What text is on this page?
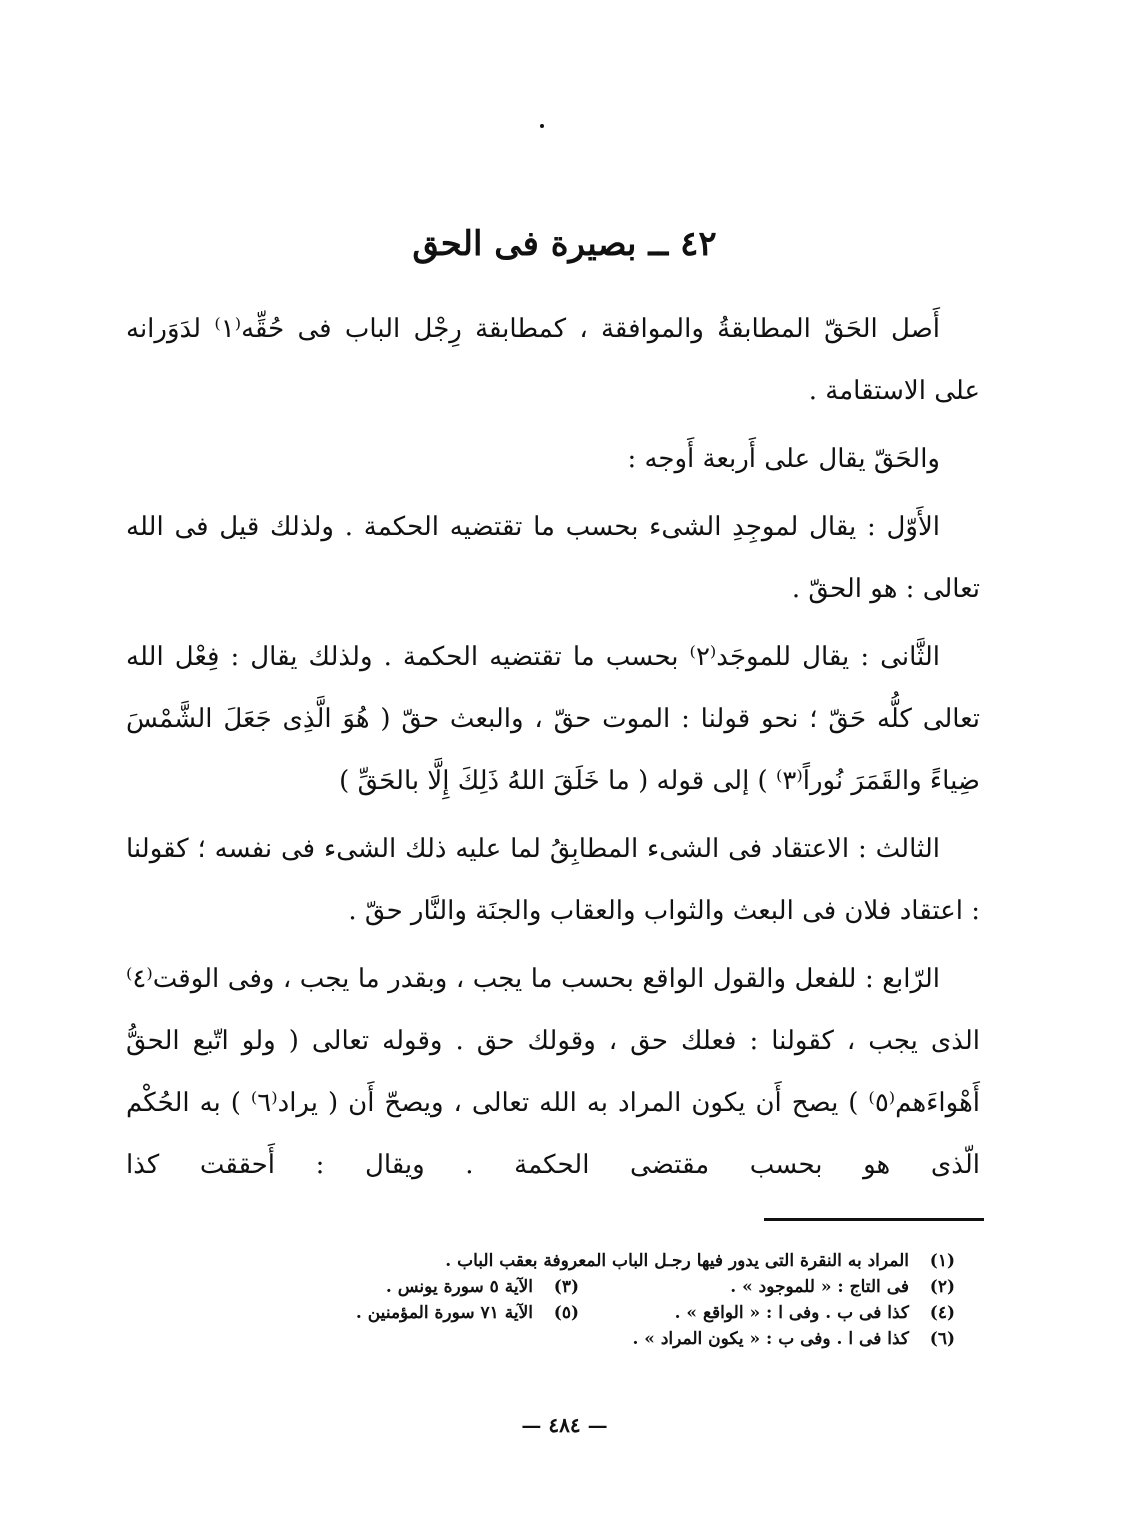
٤٢ ــ بصيرة فى الحق

أَصل الحَقّ المطابقةُ والموافقة ، كمطابقة رِجْل الباب فى حُقِّه⁽١⁾ لدَوَرانه على الاستقامة .

والحَقّ يقال على أَربعة أَوجه :

الأَوّل : يقال لموجِدِ الشىء بحسب ما تقتضيه الحكمة . ولذلك قيل فى الله تعالى : هو الحقّ .

الثَّانى : يقال للموجَد⁽٢⁾ بحسب ما تقتضيه الحكمة . ولذلك يقال : فِعْل الله تعالى كلُّه حَقّ ؛ نحو قولنا : الموت حقّ ، والبعث حقّ ( هُوَ الَّذِى جَعَلَ الشَّمْسَ ضِياءً والقَمَرَ نُوراً⁽٣⁾ ) إلى قوله ( ما خَلَقَ اللهُ ذَلِكَ إِلَّا بالحَقِّ )

الثالث : الاعتقاد فى الشىء المطابِقُ لما عليه ذلك الشىء فى نفسه ؛ كقولنا : اعتقاد فلان فى البعث والثواب والعقاب والجنَة والنَّار حقّ .

الرّابع : للفعل والقول الواقع بحسب ما يجب ، وبقدر ما يجب ، وفى الوقت⁽٤⁾ الذى يجب ، كقولنا : فعلك حق ، وقولك حق . وقوله تعالى ( ولو اتّبع الحقُّ أَهْواءَهم⁽٥⁾ ) يصح أَن يكون المراد به الله تعالى ، ويصحّ أَن ( يراد⁽٦⁾ ) به الحُكْم الّذى هو بحسب مقتضى الحكمة . ويقال : أَحققت كذا

(١)
المراد به النقرة التى يدور فيها رجـل الباب المعروفة بعقب الباب .
(٢)
فى التاج : « للموجود » .
(٣)
الآية ٥ سورة يونس .
(٤)
كذا فى ب . وفى ا : « الواقع » .
(٥)
الآية ٧١ سورة المؤمنين .
(٦)
كذا فى ا . وفى ب : « يكون المراد » .
— ٤٨٤ —
